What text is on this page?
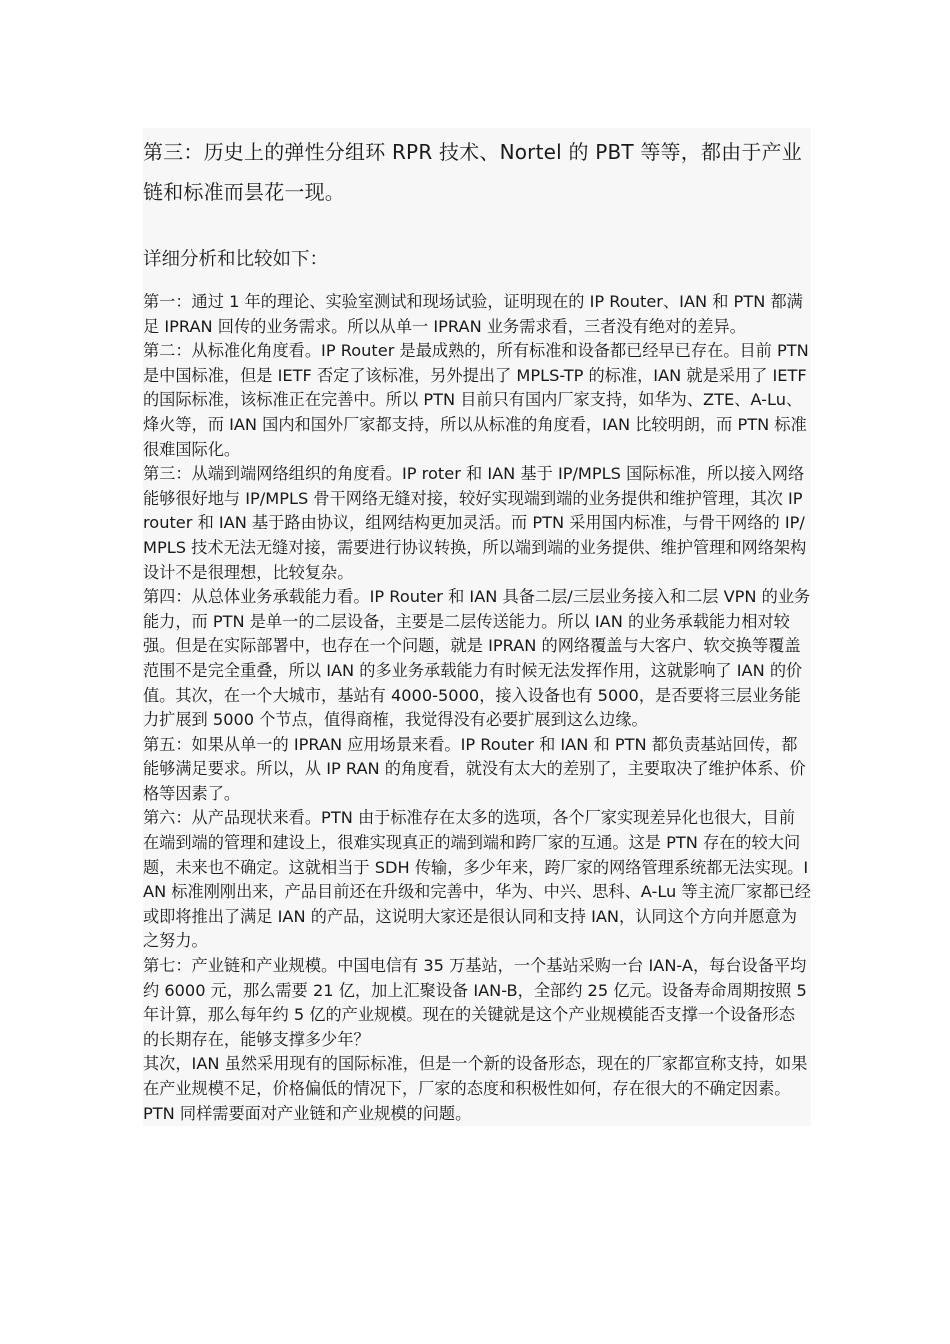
第三：历史上的弹性分组环 RPR 技术、Nortel 的 PBT 等等，都由于产业链和标准而昙花一现。
详细分析和比较如下：

第一：通过 1 年的理论、实验室测试和现场试验，证明现在的 IP Router、IAN 和 PTN 都满足 IPRAN 回传的业务需求。所以从单一 IPRAN 业务需求看，三者没有绝对的差异。

第二：从标准化角度看。IP Router 是最成熟的，所有标准和设备都已经早已存在。目前 PTN 是中国标准，但是 IETF 否定了该标准，另外提出了 MPLS-TP 的标准，IAN 就是采用了 IETF 的国际标准，该标准正在完善中。所以 PTN 目前只有国内厂家支持，如华为、ZTE、A-Lu、烽火等，而 IAN 国内和国外厂家都支持，所以从标准的角度看，IAN 比较明朗，而 PTN 标准很难国际化。

第三：从端到端网络组织的角度看。IP roter 和 IAN 基于 IP/MPLS 国际标准，所以接入网络能够很好地与 IP/MPLS 骨干网络无缝对接，较好实现端到端的业务提供和维护管理，其次 IP router 和 IAN 基于路由协议，组网结构更加灵活。而 PTN 采用国内标准，与骨干网络的 IP/MPLS 技术无法无缝对接，需要进行协议转换，所以端到端的业务提供、维护管理和网络架构设计不是很理想，比较复杂。

第四：从总体业务承载能力看。IP Router 和 IAN 具备二层/三层业务接入和二层 VPN 的业务能力，而 PTN 是单一的二层设备，主要是二层传送能力。所以 IAN 的业务承载能力相对较强。但是在实际部署中，也存在一个问题，就是 IPRAN 的网络覆盖与大客户、软交换等覆盖范围不是完全重叠，所以 IAN 的多业务承载能力有时候无法发挥作用，这就影响了 IAN 的价值。其次，在一个大城市，基站有 4000-5000，接入设备也有 5000，是否要将三层业务能力扩展到 5000 个节点，值得商榷，我觉得没有必要扩展到这么边缘。

第五：如果从单一的 IPRAN 应用场景来看。IP Router 和 IAN 和 PTN 都负责基站回传，都能够满足要求。所以，从 IP RAN 的角度看，就没有太大的差别了，主要取决了维护体系、价格等因素了。

第六：从产品现状来看。PTN 由于标准存在太多的选项，各个厂家实现差异化也很大，目前在端到端的管理和建设上，很难实现真正的端到端和跨厂家的互通。这是 PTN 存在的较大问题，未来也不确定。这就相当于 SDH 传输，多少年来，跨厂家的网络管理系统都无法实现。IAN 标准刚刚出来，产品目前还在升级和完善中，华为、中兴、思科、A-Lu 等主流厂家都已经或即将推出了满足 IAN 的产品，这说明大家还是很认同和支持 IAN，认同这个方向并愿意为之努力。

第七：产业链和产业规模。中国电信有 35 万基站，一个基站采购一台 IAN-A，每台设备平均约 6000 元，那么需要 21 亿，加上汇聚设备 IAN-B，全部约 25 亿元。设备寿命周期按照 5 年计算，那么每年约 5 亿的产业规模。现在的关键就是这个产业规模能否支撑一个设备形态的长期存在，能够支撑多少年？

其次，IAN 虽然采用现有的国际标准，但是一个新的设备形态，现在的厂家都宣称支持，如果在产业规模不足，价格偏低的情况下，厂家的态度和积极性如何，存在很大的不确定因素。        PTN 同样需要面对产业链和产业规模的问题。
